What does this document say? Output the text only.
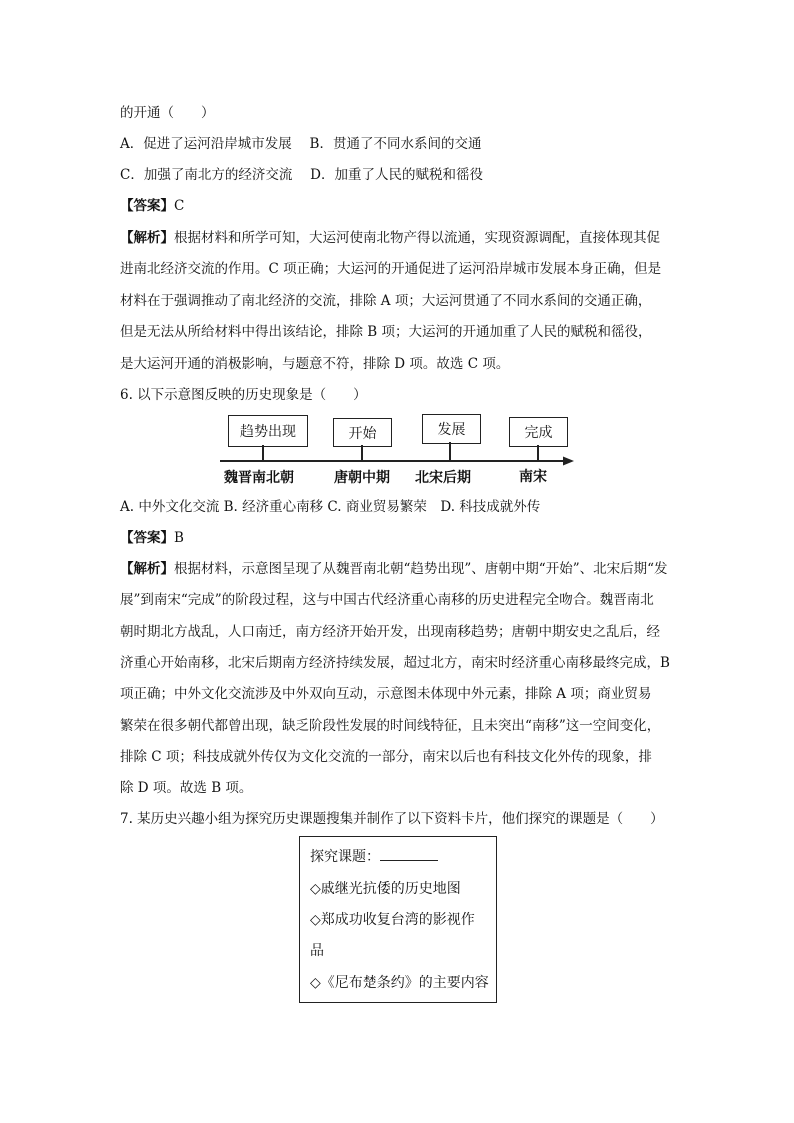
的开通（　　）
A．促进了运河沿岸城市发展　 B．贯通了不同水系间的交通
C．加强了南北方的经济交流　 D．加重了人民的赋税和徭役
【答案】C
【解析】根据材料和所学可知，大运河使南北物产得以流通，实现资源调配，直接体现其促
进南北经济交流的作用。C 项正确；大运河的开通促进了运河沿岸城市发展本身正确，但是
材料在于强调推动了南北经济的交流，排除 A 项；大运河贯通了不同水系间的交通正确，
但是无法从所给材料中得出该结论，排除 B 项；大运河的开通加重了人民的赋税和徭役，
是大运河开通的消极影响，与题意不符，排除 D 项。故选 C 项。
6. 以下示意图反映的历史现象是（　　）
趋势出现	开始	发展	完成
魏晋南北朝	唐朝中期 北宋后期	南宋
A. 中外文化交流 B. 经济重心南移 C. 商业贸易繁荣　D. 科技成就外传
【答案】B
【解析】根据材料，示意图呈现了从魏晋南北朝“趋势出现”、唐朝中期“开始”、北宋后期“发
展”到南宋“完成”的阶段过程，这与中国古代经济重心南移的历史进程完全吻合。魏晋南北
朝时期北方战乱，人口南迁，南方经济开始开发，出现南移趋势；唐朝中期安史之乱后，经
济重心开始南移，北宋后期南方经济持续发展，超过北方，南宋时经济重心南移最终完成，B
项正确；中外文化交流涉及中外双向互动，示意图未体现中外元素，排除 A 项；商业贸易
繁荣在很多朝代都曾出现，缺乏阶段性发展的时间线特征，且未突出“南移”这一空间变化，
排除 C 项；科技成就外传仅为文化交流的一部分，南宋以后也有科技文化外传的现象，排
除 D 项。故选 B 项。
7. 某历史兴趣小组为探究历史课题搜集并制作了以下资料卡片，他们探究的课题是（　　）
探究课题：
◇戚继光抗倭的历史地图
◇郑成功收复台湾的影视作
品
◇《尼布楚条约》的主要内容
